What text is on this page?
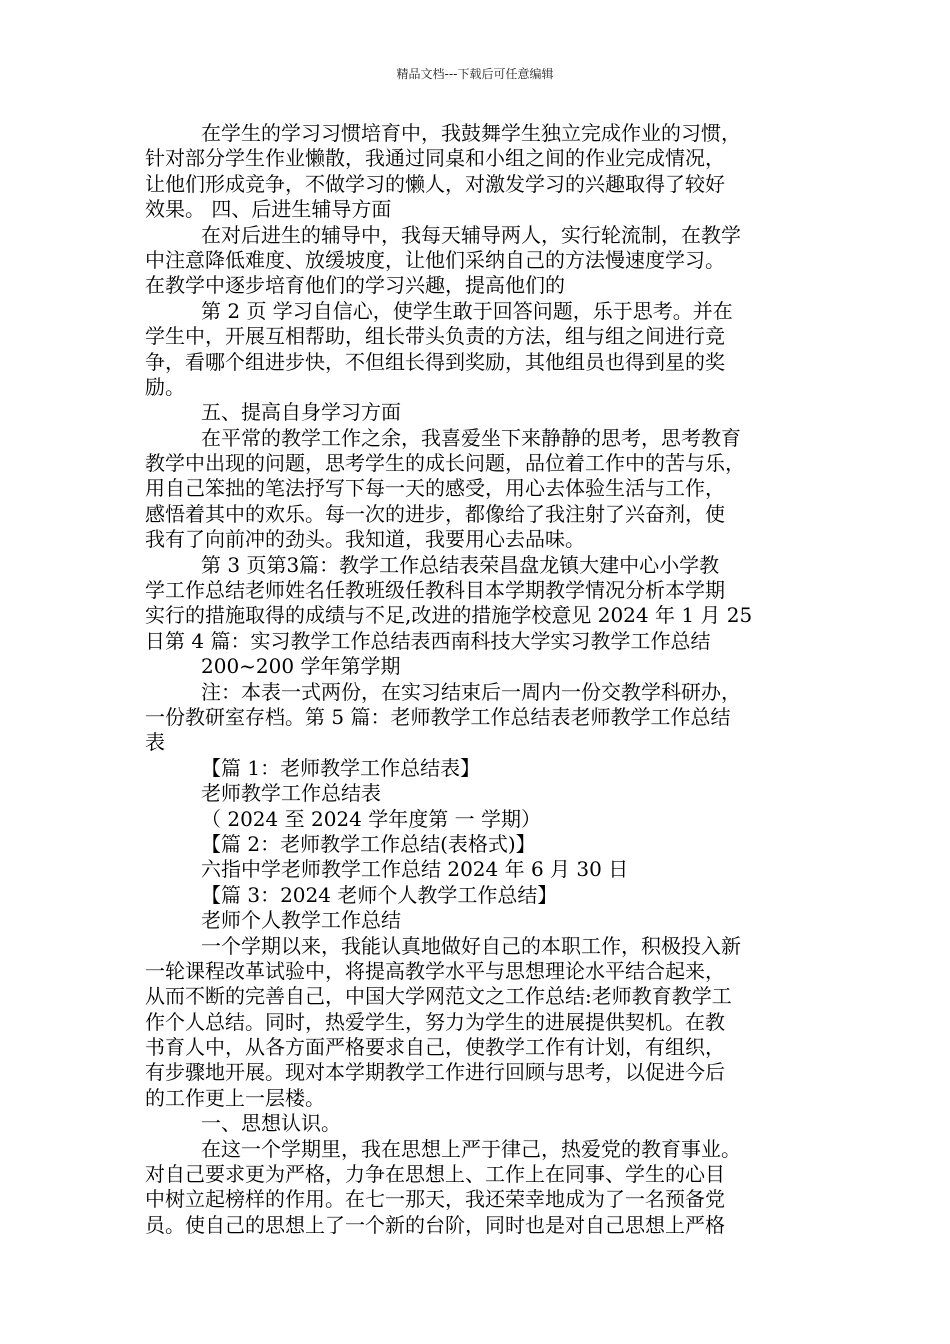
精品文档---下载后可任意编辑
在学生的学习习惯培育中，我鼓舞学生独立完成作业的习惯，
针对部分学生作业懒散，我通过同桌和小组之间的作业完成情况，
让他们形成竞争，不做学习的懒人，对激发学习的兴趣取得了较好
效果。 四、后进生辅导方面
在对后进生的辅导中，我每天辅导两人，实行轮流制，在教学
中注意降低难度、放缓坡度，让他们采纳自己的方法慢速度学习。
在教学中逐步培育他们的学习兴趣，提高他们的
第 2 页 学习自信心，使学生敢于回答问题，乐于思考。并在
学生中，开展互相帮助，组长带头负责的方法，组与组之间进行竞
争，看哪个组进步快，不但组长得到奖励，其他组员也得到星的奖
励。
五、提高自身学习方面
在平常的教学工作之余，我喜爱坐下来静静的思考，思考教育
教学中出现的问题，思考学生的成长问题，品位着工作中的苦与乐，
用自己笨拙的笔法抒写下每一天的感受，用心去体验生活与工作，
感悟着其中的欢乐。每一次的进步，都像给了我注射了兴奋剂，使
我有了向前冲的劲头。我知道，我要用心去品味。
第 3 页第3篇：教学工作总结表荣昌盘龙镇大建中心小学教
学工作总结老师姓名任教班级任教科目本学期教学情况分析本学期
实行的措施取得的成绩与不足,改进的措施学校意见 2024 年 1 月 25
日第 4 篇：实习教学工作总结表西南科技大学实习教学工作总结
200~200 学年第学期
注：本表一式两份，在实习结束后一周内一份交教学科研办，
一份教研室存档。第 5 篇：老师教学工作总结表老师教学工作总结
表
【篇 1：老师教学工作总结表】
老师教学工作总结表
（ 2024 至 2024 学年度第 一 学期）
【篇 2：老师教学工作总结(表格式)】
六指中学老师教学工作总结 2024 年 6 月 30 日
【篇 3：2024 老师个人教学工作总结】
老师个人教学工作总结
一个学期以来，我能认真地做好自己的本职工作，积极投入新
一轮课程改革试验中，将提高教学水平与思想理论水平结合起来，
从而不断的完善自己，中国大学网范文之工作总结:老师教育教学工
作个人总结。同时，热爱学生，努力为学生的进展提供契机。在教
书育人中，从各方面严格要求自己，使教学工作有计划，有组织，
有步骤地开展。现对本学期教学工作进行回顾与思考，以促进今后
的工作更上一层楼。
一、思想认识。
在这一个学期里，我在思想上严于律己，热爱党的教育事业。
对自己要求更为严格，力争在思想上、工作上在同事、学生的心目
中树立起榜样的作用。在七一那天，我还荣幸地成为了一名预备党
员。使自己的思想上了一个新的台阶，同时也是对自己思想上严格
